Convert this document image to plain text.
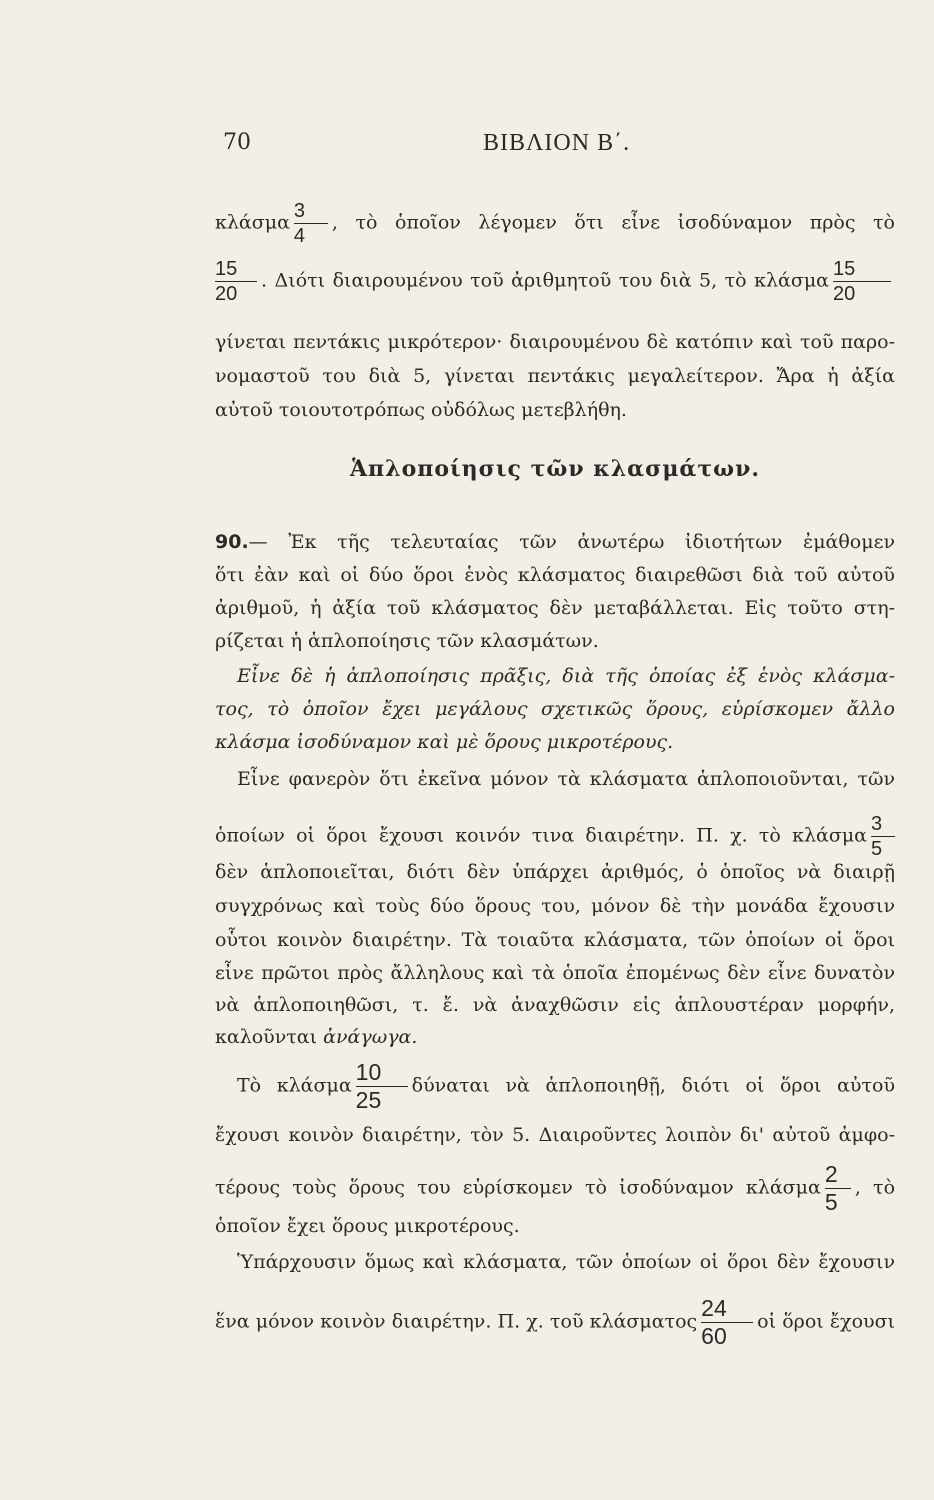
70	ΒΙΒΛΙΟΝ Β΄.
κλάσμα $\frac{3}{4}$ , τὸ ὁποῖον λέγομεν ὅτι εἶνε ἰσοδύναμον πρὸς τὸ
$\frac{15}{20}$ . Διότι διαιρουμένου τοῦ ἀριθμητοῦ του διὰ 5, τὸ κλάσμα $\frac{15}{20}$
γίνεται πεντάκις μικρότερον· διαιρουμένου δὲ κατόπιν καὶ τοῦ παρο-
νομαστοῦ του διὰ 5, γίνεται πεντάκις μεγαλείτερον. Ἄρα ἡ ἀξία
αὐτοῦ τοιουτοτρόπως οὐδόλως μετεβλήθη.
Ἁπλοποίησις τῶν κλασμάτων.
90.— Ἐκ τῆς τελευταίας τῶν ἀνωτέρω ἰδιοτήτων ἐμάθομεν
ὅτι ἐὰν καὶ οἱ δύο ὅροι ἑνὸς κλάσματος διαιρεθῶσι διὰ τοῦ αὐτοῦ
ἀριθμοῦ, ἡ ἀξία τοῦ κλάσματος δὲν μεταβάλλεται. Εἰς τοῦτο στη-
ρίζεται ἡ ἁπλοποίησις τῶν κλασμάτων.
Εἶνε δὲ ἡ ἁπλοποίησις πρᾶξις, διὰ τῆς ὁποίας ἐξ ἑνὸς κλάσμα-
τος, τὸ ὁποῖον ἔχει μεγάλους σχετικῶς ὅρους, εὑρίσκομεν ἄλλο
κλάσμα ἰσοδύναμον καὶ μὲ ὅρους μικροτέρους.
Εἶνε φανερὸν ὅτι ἐκεῖνα μόνον τὰ κλάσματα ἁπλοποιοῦνται, τῶν
ὁποίων οἱ ὅροι ἔχουσι κοινόν τινα διαιρέτην. Π. χ. τὸ κλάσμα $\frac{3}{5}$
δὲν ἁπλοποιεῖται, διότι δὲν ὑπάρχει ἀριθμός, ὁ ὁποῖος νὰ διαιρῇ
συγχρόνως καὶ τοὺς δύο ὅρους του, μόνον δὲ τὴν μονάδα ἔχουσιν
οὗτοι κοινὸν διαιρέτην. Τὰ τοιαῦτα κλάσματα, τῶν ὁποίων οἱ ὅροι
εἶνε πρῶτοι πρὸς ἄλληλους καὶ τὰ ὁποῖα ἐπομένως δὲν εἶνε δυνατὸν
νὰ ἁπλοποιηθῶσι, τ. ἔ. νὰ ἀναχθῶσιν εἰς ἁπλουστέραν μορφήν,
καλοῦνται ἀνάγωγα.
Τὸ κλάσμα $\frac{10}{25}$ δύναται νὰ ἁπλοποιηθῇ, διότι οἱ ὅροι αὐτοῦ
ἔχουσι κοινὸν διαιρέτην, τὸν 5. Διαιροῦντες λοιπὸν δι' αὐτοῦ ἀμφο-
τέρους τοὺς ὅρους του εὑρίσκομεν τὸ ἰσοδύναμον κλάσμα $\frac{2}{5}$ , τὸ
ὁποῖον ἔχει ὅρους μικροτέρους.
Ὑπάρχουσιν ὅμως καὶ κλάσματα, τῶν ὁποίων οἱ ὅροι δὲν ἔχουσιν
ἕνα μόνον κοινὸν διαιρέτην. Π. χ. τοῦ κλάσματος $\frac{24}{60}$ οἱ ὅροι ἔχουσι
